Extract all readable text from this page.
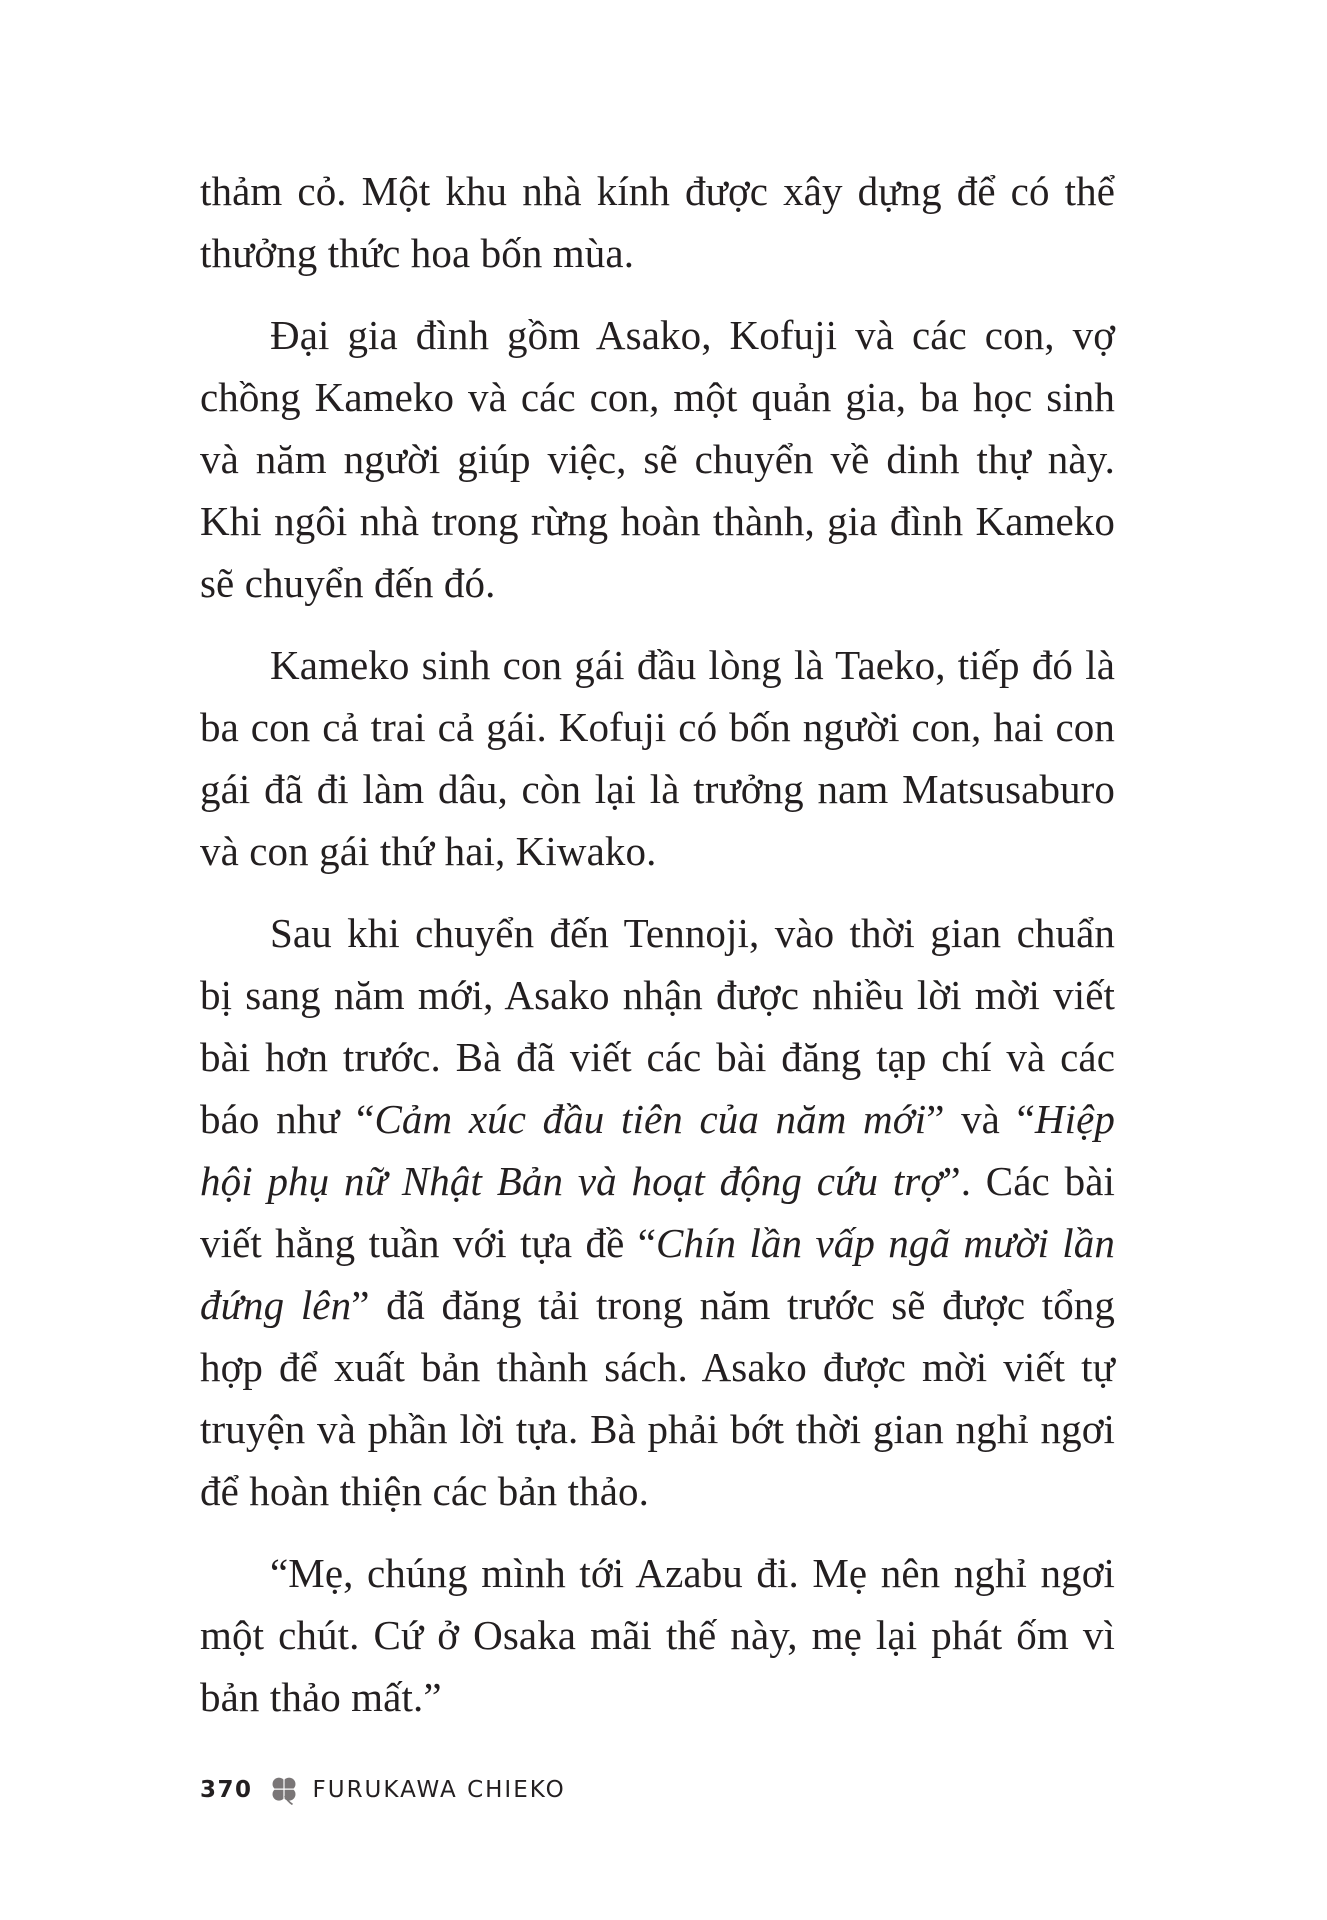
thảm cỏ. Một khu nhà kính được xây dựng để có thể thưởng thức hoa bốn mùa.

Đại gia đình gồm Asako, Kofuji và các con, vợ chồng Kameko và các con, một quản gia, ba học sinh và năm người giúp việc, sẽ chuyển về dinh thự này. Khi ngôi nhà trong rừng hoàn thành, gia đình Kameko sẽ chuyển đến đó.

Kameko sinh con gái đầu lòng là Taeko, tiếp đó là ba con cả trai cả gái. Kofuji có bốn người con, hai con gái đã đi làm dâu, còn lại là trưởng nam Matsusaburo và con gái thứ hai, Kiwako.

Sau khi chuyển đến Tennoji, vào thời gian chuẩn bị sang năm mới, Asako nhận được nhiều lời mời viết bài hơn trước. Bà đã viết các bài đăng tạp chí và các báo như “Cảm xúc đầu tiên của năm mới” và “Hiệp hội phụ nữ Nhật Bản và hoạt động cứu trợ”. Các bài viết hằng tuần với tựa đề “Chín lần vấp ngã mười lần đứng lên” đã đăng tải trong năm trước sẽ được tổng hợp để xuất bản thành sách. Asako được mời viết tự truyện và phần lời tựa. Bà phải bớt thời gian nghỉ ngơi để hoàn thiện các bản thảo.

“Mẹ, chúng mình tới Azabu đi. Mẹ nên nghỉ ngơi một chút. Cứ ở Osaka mãi thế này, mẹ lại phát ốm vì bản thảo mất.”

370	FURUKAWA CHIEKO
